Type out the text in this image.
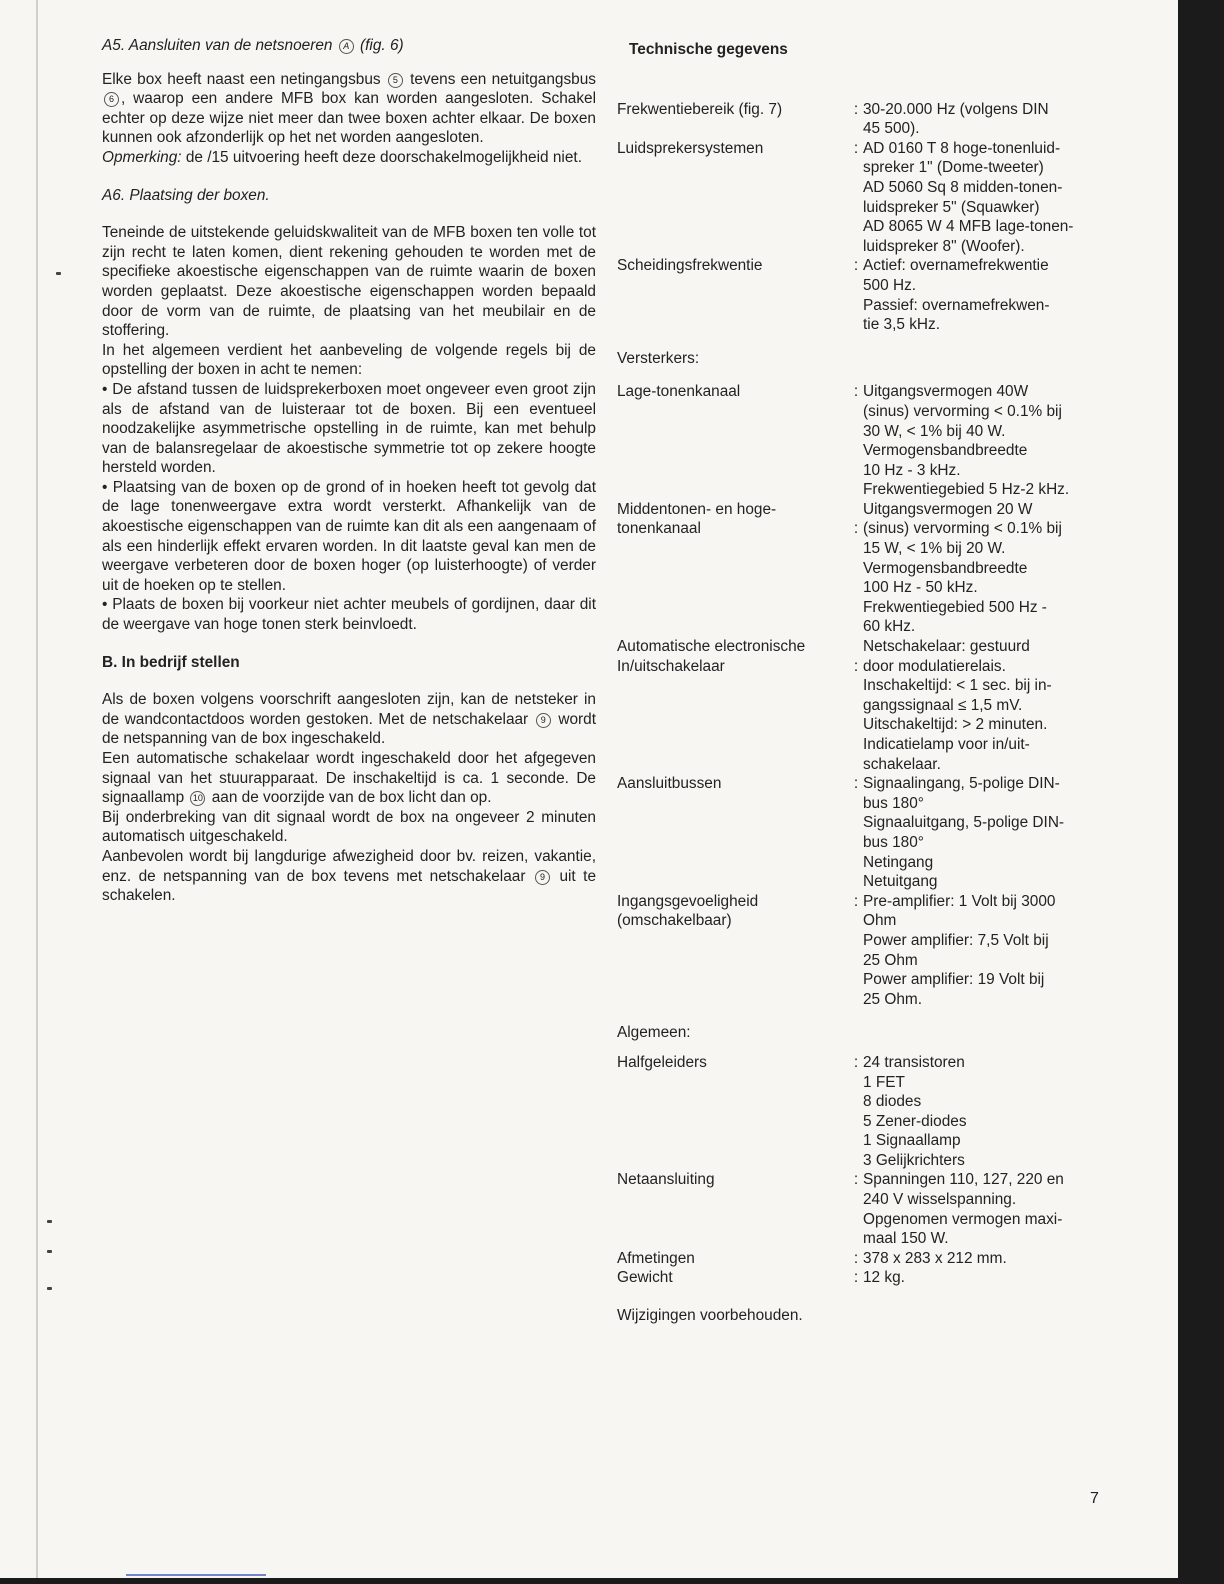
A5. Aansluiten van de netsnoeren A (fig. 6)

Elke box heeft naast een netingangsbus 5 tevens een netuitgangsbus 6 , waarop een andere MFB box kan worden aangesloten. Schakel echter op deze wijze niet meer dan twee boxen achter elkaar. De boxen kunnen ook afzonderlijk op het net worden aangesloten.

Opmerking: de /15 uitvoering heeft deze doorschakelmogelijkheid niet.

A6. Plaatsing der boxen.

Teneinde de uitstekende geluidskwaliteit van de MFB boxen ten volle tot zijn recht te laten komen, dient rekening gehouden te worden met de specifieke akoestische eigenschappen van de ruimte waarin de boxen worden geplaatst. Deze akoestische eigenschappen worden bepaald door de vorm van de ruimte, de plaatsing van het meubilair en de stoffering.

In het algemeen verdient het aanbeveling de volgende regels bij de opstelling der boxen in acht te nemen:

• De afstand tussen de luidsprekerboxen moet ongeveer even groot zijn als de afstand van de luisteraar tot de boxen. Bij een eventueel noodzakelijke asymmetrische opstelling in de ruimte, kan met behulp van de balansregelaar de akoestische symmetrie tot op zekere hoogte hersteld worden.

• Plaatsing van de boxen op de grond of in hoeken heeft tot gevolg dat de lage tonenweergave extra wordt versterkt. Afhankelijk van de akoestische eigenschappen van de ruimte kan dit als een aangenaam of als een hinderlijk effekt ervaren worden. In dit laatste geval kan men de weergave verbeteren door de boxen hoger (op luisterhoogte) of verder uit de hoeken op te stellen.

• Plaats de boxen bij voorkeur niet achter meubels of gordijnen, daar dit de weergave van hoge tonen sterk beinvloedt.

B. In bedrijf stellen

Als de boxen volgens voorschrift aangesloten zijn, kan de netsteker in de wandcontactdoos worden gestoken. Met de netschakelaar 9 wordt de netspanning van de box ingeschakeld.

Een automatische schakelaar wordt ingeschakeld door het afgegeven signaal van het stuurapparaat. De inschakeltijd is ca. 1 seconde. De signaallamp 10 aan de voorzijde van de box licht dan op.

Bij onderbreking van dit signaal wordt de box na ongeveer 2 minuten automatisch uitgeschakeld.

Aanbevolen wordt bij langdurige afwezigheid door bv. reizen, vakantie, enz. de netspanning van de box tevens met netschakelaar 9 uit te schakelen.

Technische gegevens

Frekwentiebereik (fig. 7)	: 30-20.000 Hz (volgens DIN
45 500).
Luidsprekersystemen	: AD 0160 T 8 hoge-tonenluid-
spreker 1" (Dome-tweeter)
AD 5060 Sq 8 midden-tonen-
luidspreker 5" (Squawker)
AD 8065 W 4 MFB lage-tonen-
luidspreker 8" (Woofer).
Scheidingsfrekwentie	: Actief: overnamefrekwentie
500 Hz.
Passief: overnamefrekwen-
tie 3,5 kHz.
Versterkers:
Lage-tonenkanaal	: Uitgangsvermogen 40W
(sinus) vervorming < 0.1% bij
30 W, < 1% bij 40 W.
Vermogensbandbreedte
10 Hz - 3 kHz.
Frekwentiegebied 5 Hz-2 kHz.
Middentonen- en hoge-
tonenkanaal
	:
Uitgangsvermogen 20 W
(sinus) vervorming < 0.1% bij
15 W, < 1% bij 20 W.
Vermogensbandbreedte
100 Hz - 50 kHz.
Frekwentiegebied 500 Hz -
60 kHz.
Automatische electronische
In/uitschakelaar
	:
Netschakelaar: gestuurd
door modulatierelais.
Inschakeltijd: < 1 sec. bij in-
gangssignaal ≤ 1,5 mV.
Uitschakeltijd: > 2 minuten.
Indicatielamp voor in/uit-
schakelaar.
Aansluitbussen	: Signaalingang, 5-polige DIN-
bus 180°
Signaaluitgang, 5-polige DIN-
bus 180°
Netingang
Netuitgang
Ingangsgevoeligheid
(omschakelbaar)
: Pre-amplifier: 1 Volt bij 3000
Ohm
Power amplifier: 7,5 Volt bij
25 Ohm
Power amplifier: 19 Volt bij
25 Ohm.
Algemeen:
Halfgeleiders	: 24 transistoren
1 FET
8 diodes
5 Zener-diodes
1 Signaallamp
3 Gelijkrichters
Netaansluiting	: Spanningen 110, 127, 220 en
240 V wisselspanning.
Opgenomen vermogen maxi-
maal 150 W.
Afmetingen	: 378 x 283 x 212 mm.
Gewicht	: 12 kg.
Wijzigingen voorbehouden.
7
